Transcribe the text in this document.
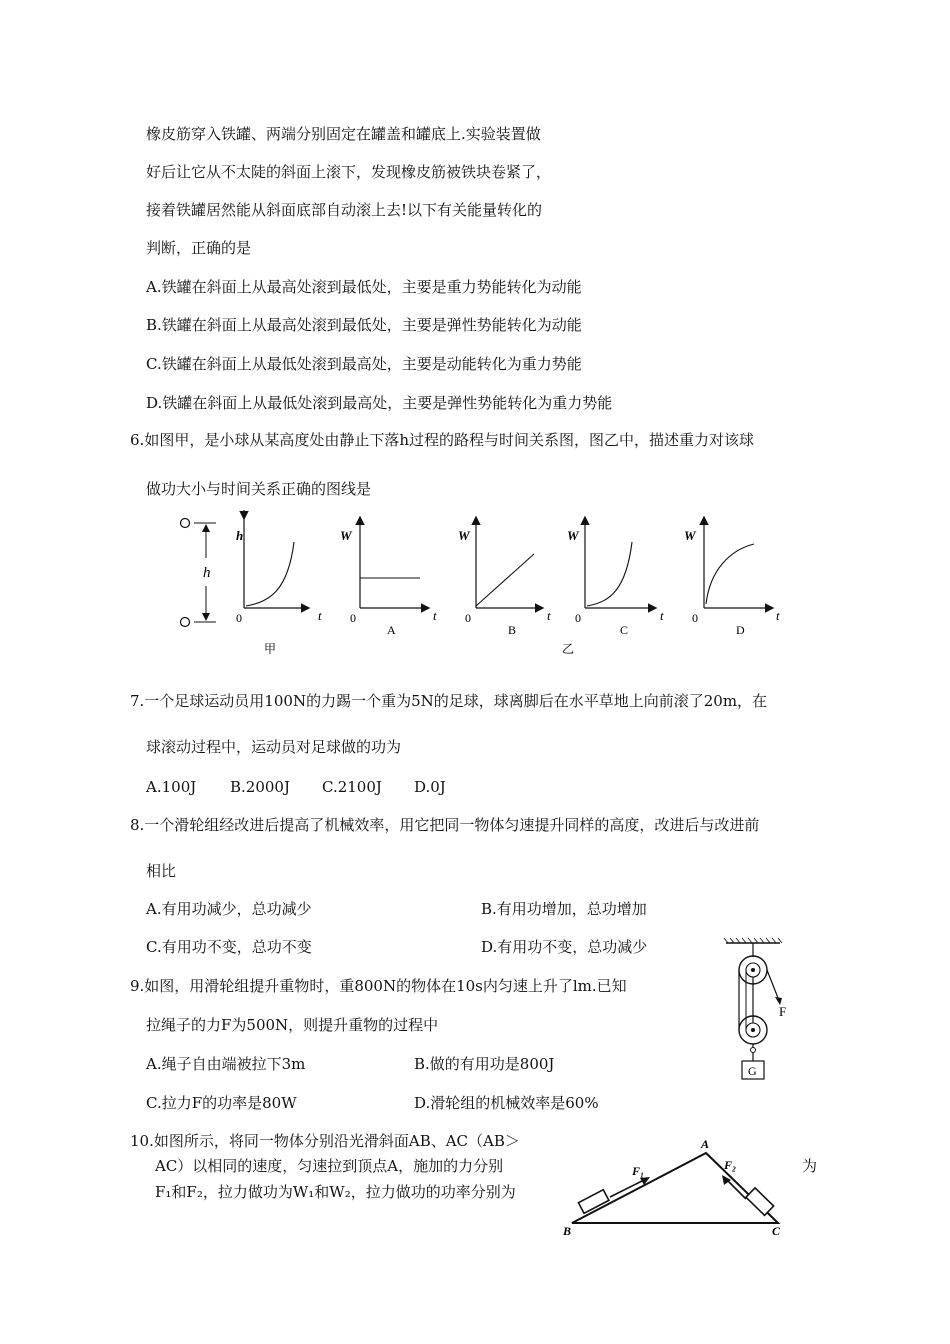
橡皮筋穿入铁罐、两端分别固定在罐盖和罐底上.实验装置做
好后让它从不太陡的斜面上滚下，发现橡皮筋被铁块卷紧了，
接着铁罐居然能从斜面底部自动滚上去!以下有关能量转化的
判断，正确的是
A.铁罐在斜面上从最高处滚到最低处，主要是重力势能转化为动能
B.铁罐在斜面上从最高处滚到最低处，主要是弹性势能转化为动能
C.铁罐在斜面上从最低处滚到最高处，主要是动能转化为重力势能
D.铁罐在斜面上从最低处滚到最高处，主要是弹性势能转化为重力势能
6.如图甲，是小球从某高度处由静止下落h过程的路程与时间关系图，图乙中，描述重力对该球
做功大小与时间关系正确的图线是
h
h
t
0
甲
W
t
0
A
W
t
0
B
W
t
0
C
W
t
0
D
乙
7.一个足球运动员用100N的力踢一个重为5N的足球，球离脚后在水平草地上向前滚了20m，在
球滚动过程中，运动员对足球做的功为
A.100J B.2000J C.2100J D.0J
8.一个滑轮组经改进后提高了机械效率，用它把同一物体匀速提升同样的高度，改进后与改进前
相比
A.有用功减少，总功减少	B.有用功增加，总功增加
C.有用功不变，总功不变	D.有用功不变，总功减少
9.如图，用滑轮组提升重物时，重800N的物体在10s内匀速上升了lm.已知
拉绳子的力F为500N，则提升重物的过程中
A.绳子自由端被拉下3m	B.做的有用功是800J
C.拉力F的功率是80W	D.滑轮组的机械效率是60%
F
G
10.如图所示，将同一物体分别沿光滑斜面AB、AC（AB＞
AC）以相同的速度，匀速拉到顶点A，施加的力分别	为
F₁和F₂，拉力做功为W₁和W₂，拉力做功的功率分别为
F₁	F₂
A
B	C
